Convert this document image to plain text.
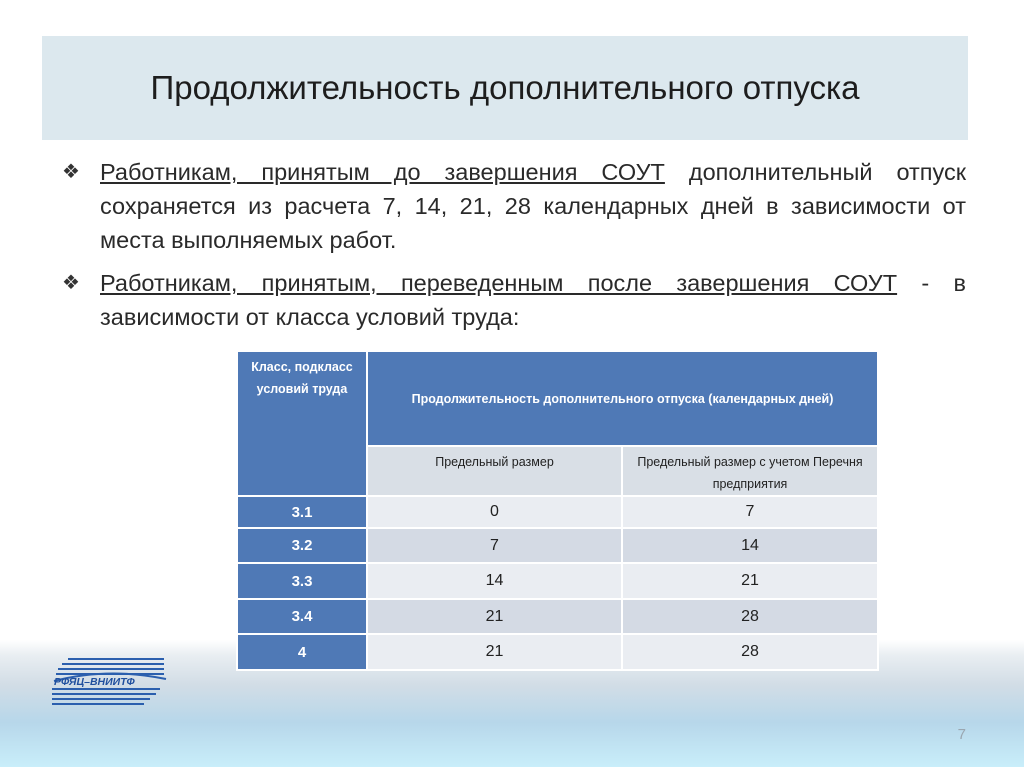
Продолжительность дополнительного отпуска
❖ Работникам, принятым до завершения СОУТ дополнительный отпуск сохраняется из расчета 7, 14, 21, 28 календарных дней в зависимости от места выполняемых работ.
❖ Работникам, принятым, переведенным после завершения СОУТ - в зависимости от класса условий труда:
Класс, подкласс условий труда	Продолжительность дополнительного отпуска (календарных дней)	
	Предельный размер	Предельный размер с учетом Перечня предприятия
3.1	0	7
3.2	7	14
3.3	14	21
3.4	21	28
4	21	28
РФЯЦ–ВНИИТФ
7
